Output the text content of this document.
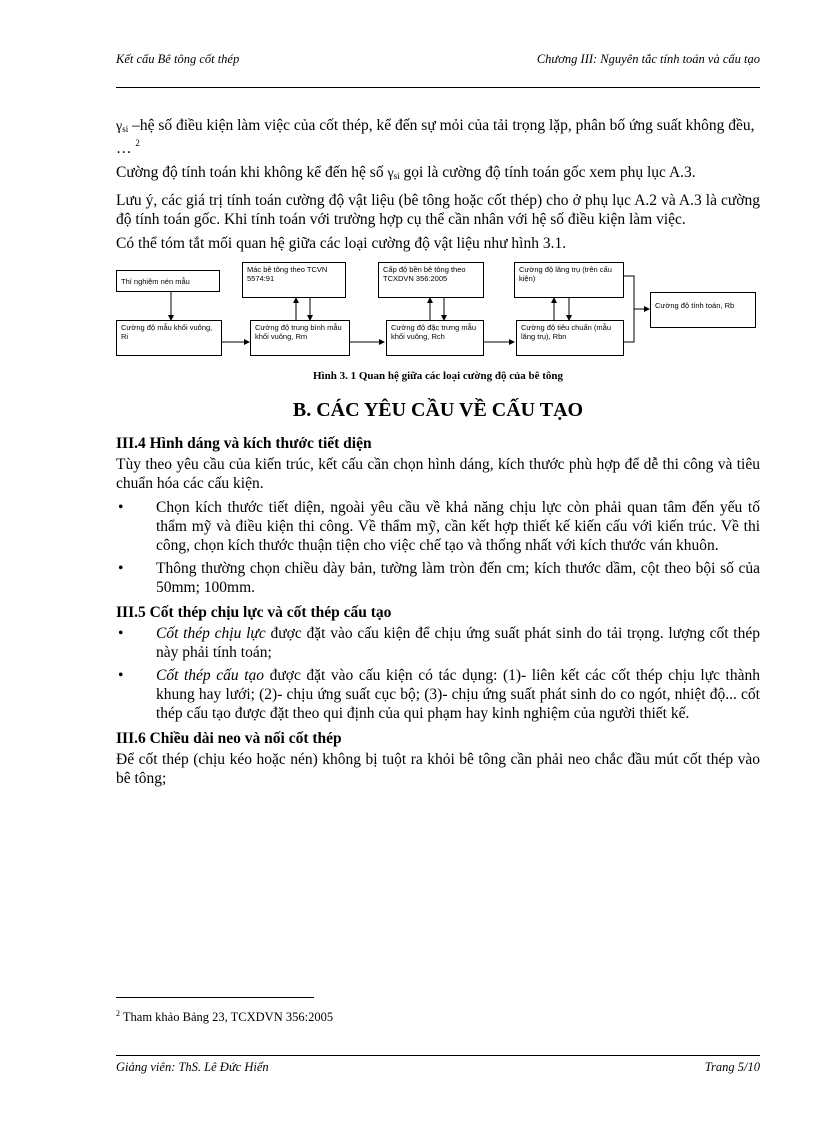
Kết cấu Bê tông cốt thép	Chương III: Nguyên tắc tính toán và cấu tạo

$\gamma_{si}$ –hệ số điều kiện làm việc của cốt thép, kể đến sự mỏi của tải trọng lặp, phân bố ứng suất không đều, … $^2$

Cường độ tính toán khi không kể đến hệ số $\gamma_{si}$ gọi là cường độ tính toán gốc xem phụ lục A.3.

Lưu ý, các giá trị tính toán cường độ vật liệu (bê tông hoặc cốt thép) cho ở phụ lục A.2 và A.3 là cường độ tính toán gốc. Khi tính toán với trường hợp cụ thể cần nhân với hệ số điều kiện làm việc.

Có thể tóm tắt mối quan hệ giữa các loại cường độ vật liệu như hình 3.1.

Thí nghiệm nén mẫu
Mác bê tông theo TCVN 5574:91
Cấp độ bền bê tông theo TCXDVN 356:2005
Cường độ lăng trụ (trên cấu kiện)
Cường độ tính toán, Rb
Cường độ mẫu khối vuông, Ri
Cường độ trung bình mẫu khối vuông, Rm
Cường độ đặc trưng mẫu khối vuông, Rch
Cường độ tiêu chuẩn (mẫu lăng trụ), Rbn
Hình 3. 1 Quan hệ giữa các loại cường độ của bê tông
B. CÁC YÊU CẦU VỀ CẤU TẠO
III.4 Hình dáng và kích thước tiết diện

Tùy theo yêu cầu của kiến trúc, kết cấu cần chọn hình dáng, kích thước phù hợp để dễ thi công và tiêu chuẩn hóa các cấu kiện.

• Chọn kích thước tiết diện, ngoài yêu cầu về khả năng chịu lực còn phải quan tâm đến yếu tố thẩm mỹ và điều kiện thi công. Về thẩm mỹ, cần kết hợp thiết kế kiến cấu với kiến trúc. Về thi công, chọn kích thước thuận tiện cho việc chế tạo và thống nhất với kích thước ván khuôn.
• Thông thường chọn chiều dày bản, tường làm tròn đến cm; kích thước dầm, cột theo bội số của 50mm; 100mm.
III.5 Cốt thép chịu lực và cốt thép cấu tạo
• Cốt thép chịu lực được đặt vào cấu kiện để chịu ứng suất phát sinh do tải trọng. lượng cốt thép này phải tính toán;
• Cốt thép cấu tạo được đặt vào cấu kiện có tác dụng: (1)- liên kết các cốt thép chịu lực thành khung hay lưới; (2)- chịu ứng suất cục bộ; (3)- chịu ứng suất phát sinh do co ngót, nhiệt độ... cốt thép cấu tạo được đặt theo qui định của qui phạm hay kinh nghiệm của người thiết kế.
III.6 Chiều dài neo và nối cốt thép

Để cốt thép (chịu kéo hoặc nén) không bị tuột ra khỏi bê tông cần phải neo chắc đầu mút cốt thép vào bê tông;

$^2$ Tham khảo Bảng 23, TCXDVN 356:2005
Giảng viên: ThS. Lê Đức Hiển	Trang 5/10
